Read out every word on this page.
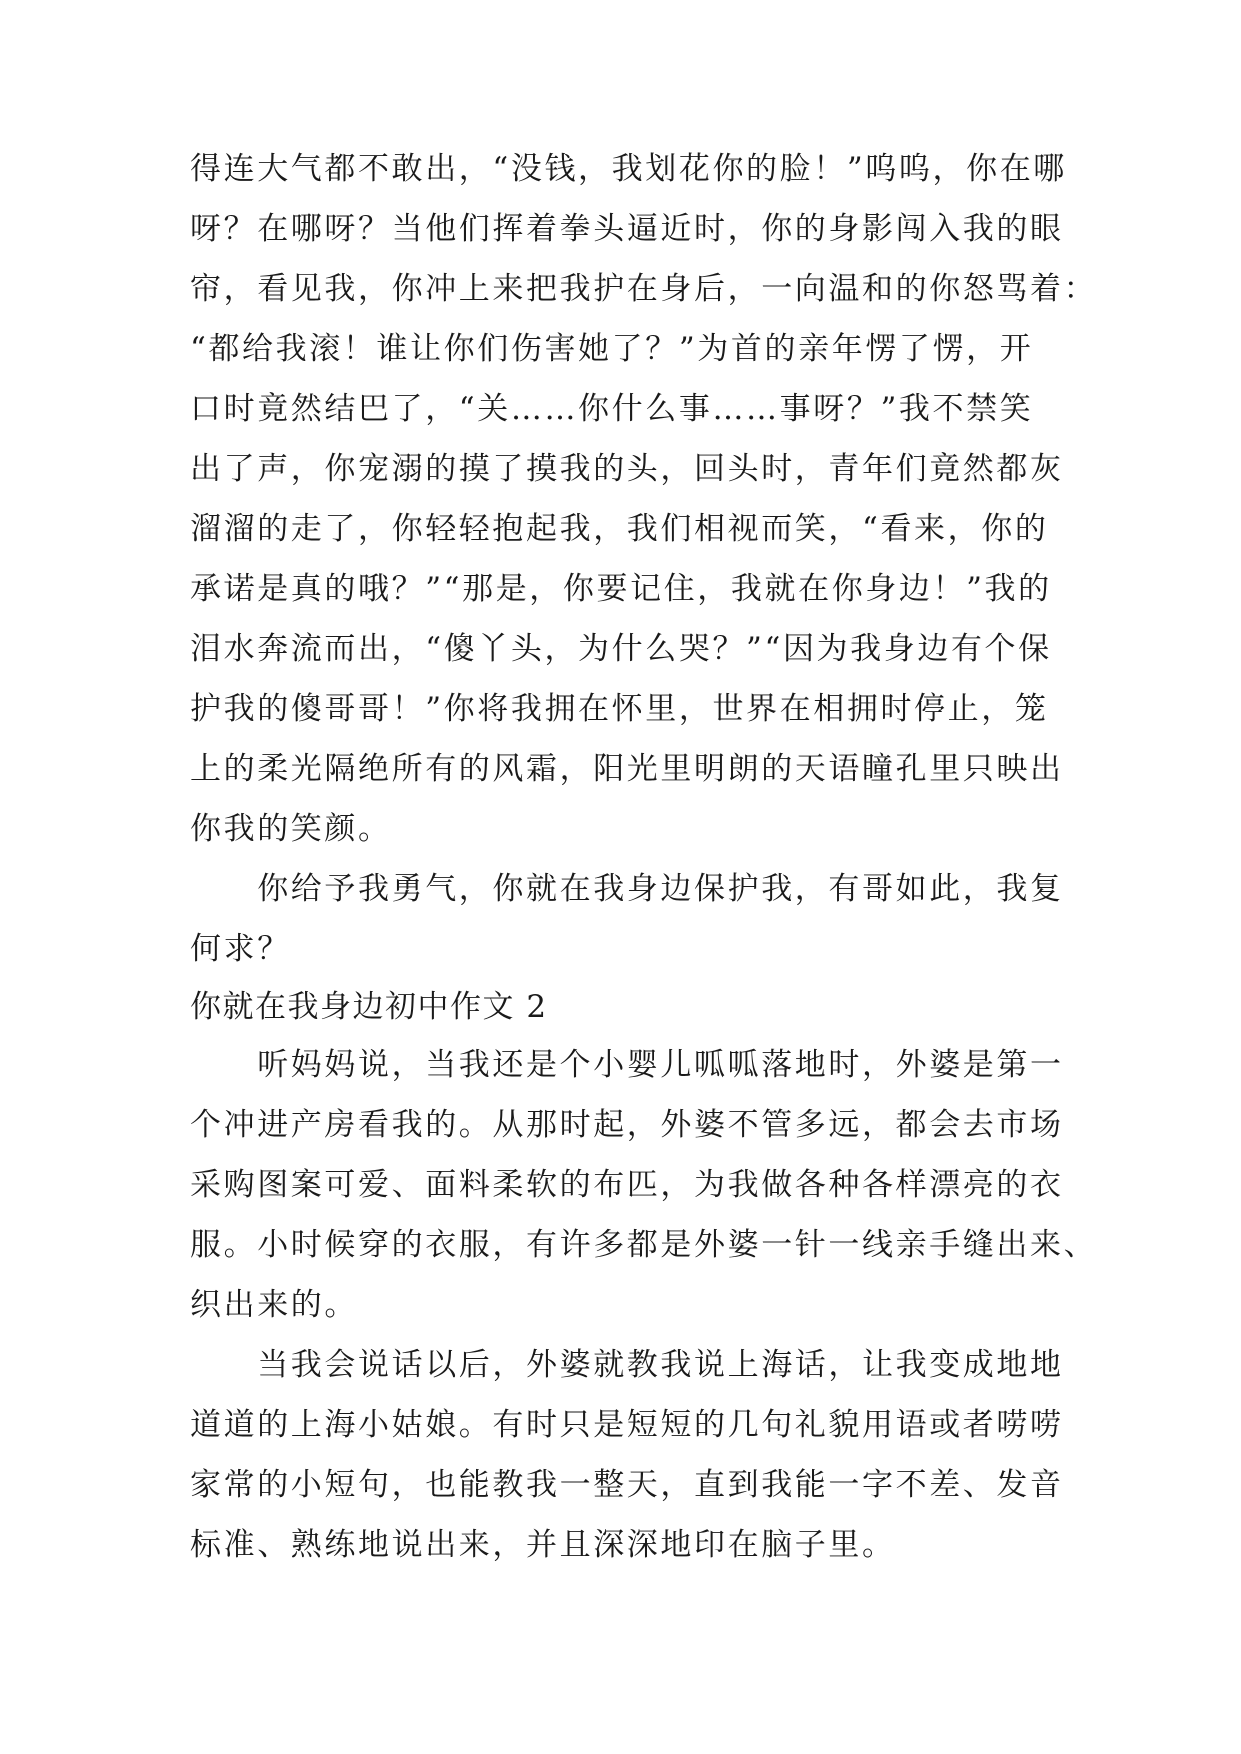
得连大气都不敢出，“没钱，我划花你的脸！”呜呜，你在哪
呀？在哪呀？当他们挥着拳头逼近时，你的身影闯入我的眼
帘，看见我，你冲上来把我护在身后，一向温和的你怒骂着：
“都给我滚！谁让你们伤害她了？”为首的亲年愣了愣，开
口时竟然结巴了，“关……你什么事……事呀？”我不禁笑
出了声，你宠溺的摸了摸我的头，回头时，青年们竟然都灰
溜溜的走了，你轻轻抱起我，我们相视而笑，“看来，你的
承诺是真的哦？”“那是，你要记住，我就在你身边！”我的
泪水奔流而出，“傻丫头，为什么哭？”“因为我身边有个保
护我的傻哥哥！”你将我拥在怀里，世界在相拥时停止，笼
上的柔光隔绝所有的风霜，阳光里明朗的天语瞳孔里只映出
你我的笑颜。
　　你给予我勇气，你就在我身边保护我，有哥如此，我复
何求？
你就在我身边初中作文 2
　　听妈妈说，当我还是个小婴儿呱呱落地时，外婆是第一
个冲进产房看我的。从那时起，外婆不管多远，都会去市场
采购图案可爱、面料柔软的布匹，为我做各种各样漂亮的衣
服。小时候穿的衣服，有许多都是外婆一针一线亲手缝出来、
织出来的。
　　当我会说话以后，外婆就教我说上海话，让我变成地地
道道的上海小姑娘。有时只是短短的几句礼貌用语或者唠唠
家常的小短句，也能教我一整天，直到我能一字不差、发音
标准、熟练地说出来，并且深深地印在脑子里。
